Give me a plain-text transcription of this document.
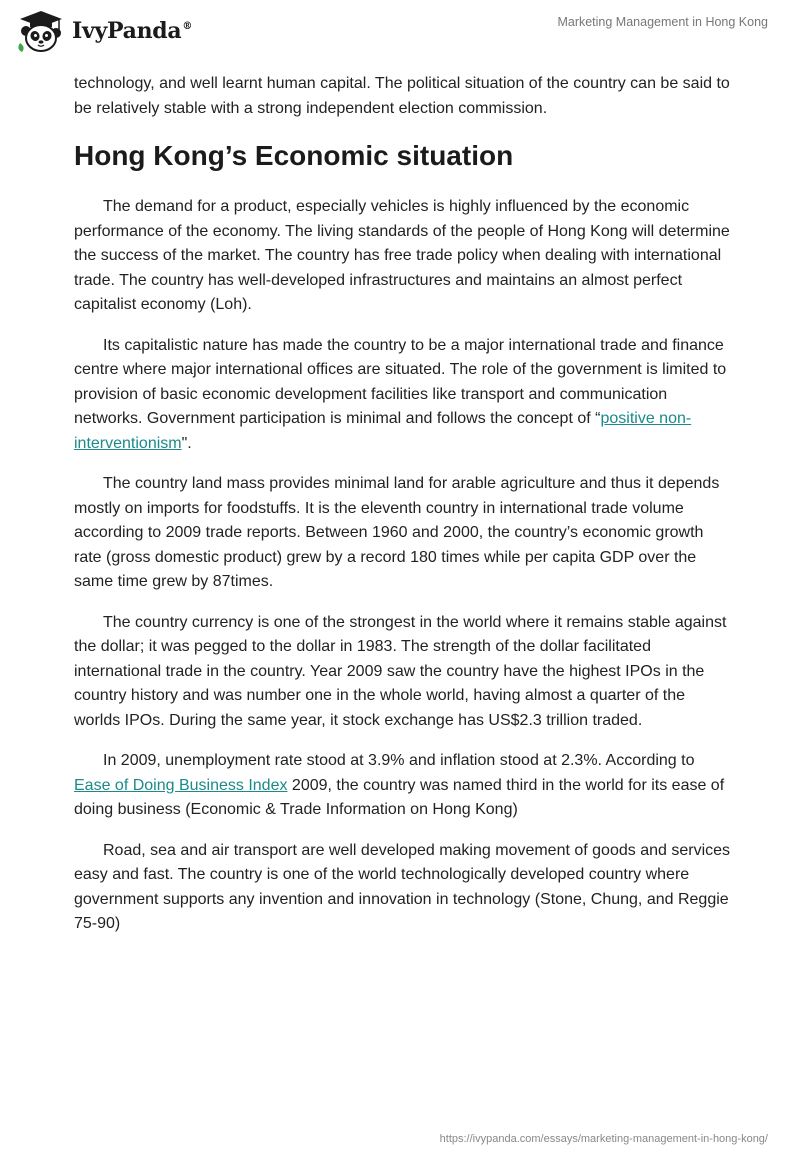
IvyPanda®	Marketing Management in Hong Kong

technology, and well learnt human capital. The political situation of the country can be said to be relatively stable with a strong independent election commission.

Hong Kong’s Economic situation

The demand for a product, especially vehicles is highly influenced by the economic performance of the economy. The living standards of the people of Hong Kong will determine the success of the market. The country has free trade policy when dealing with international trade. The country has well-developed infrastructures and maintains an almost perfect capitalist economy (Loh).

Its capitalistic nature has made the country to be a major international trade and finance centre where major international offices are situated. The role of the government is limited to provision of basic economic development facilities like transport and communication networks. Government participation is minimal and follows the concept of “positive non-interventionism".

The country land mass provides minimal land for arable agriculture and thus it depends mostly on imports for foodstuffs. It is the eleventh country in international trade volume according to 2009 trade reports. Between 1960 and 2000, the country’s economic growth rate (gross domestic product) grew by a record 180 times while per capita GDP over the same time grew by 87times.

The country currency is one of the strongest in the world where it remains stable against the dollar; it was pegged to the dollar in 1983. The strength of the dollar facilitated international trade in the country. Year 2009 saw the country have the highest IPOs in the country history and was number one in the whole world, having almost a quarter of the worlds IPOs. During the same year, it stock exchange has US$2.3 trillion traded.

In 2009, unemployment rate stood at 3.9% and inflation stood at 2.3%. According to Ease of Doing Business Index 2009, the country was named third in the world for its ease of doing business (Economic & Trade Information on Hong Kong)

Road, sea and air transport are well developed making movement of goods and services easy and fast. The country is one of the world technologically developed country where government supports any invention and innovation in technology (Stone, Chung, and Reggie 75-90)

https://ivypanda.com/essays/marketing-management-in-hong-kong/
